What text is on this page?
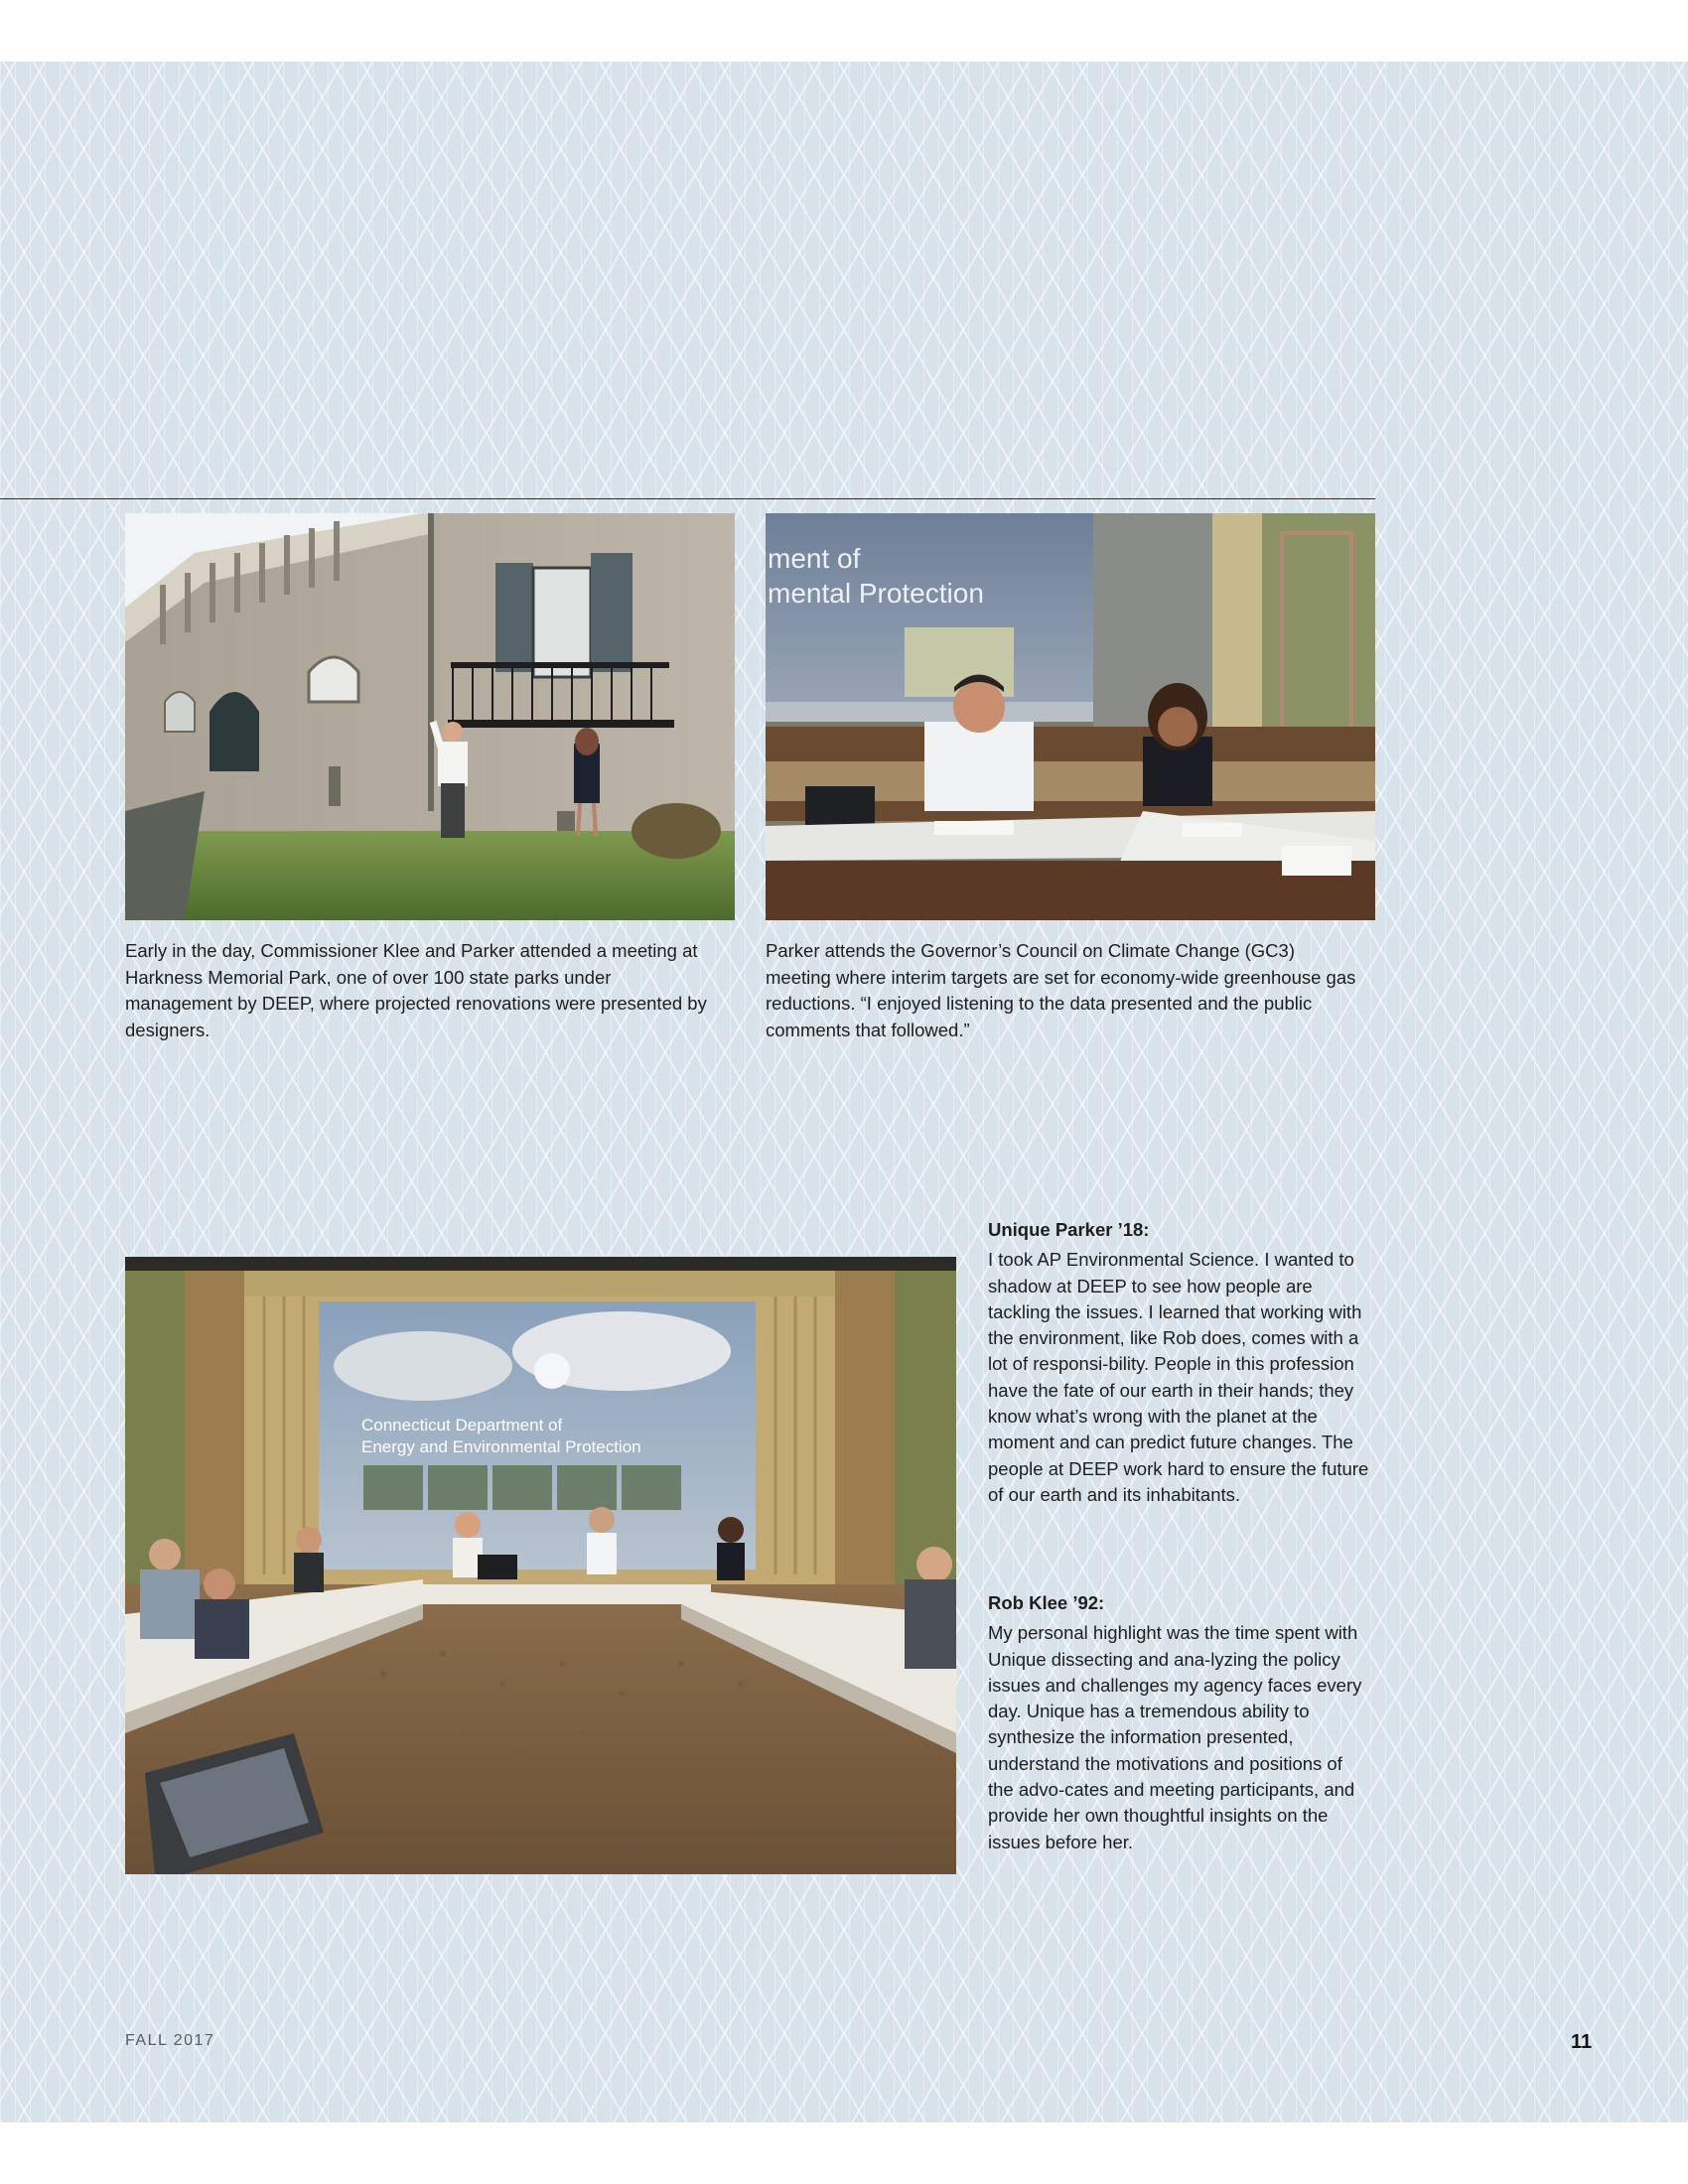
ment of
mental Protection

Early in the day, Commissioner Klee and Parker attended a meeting at Harkness Memorial Park, one of over 100 state parks under management by DEEP, where projected renovations were presented by designers.

Parker attends the Governor’s Council on Climate Change (GC3) meeting where interim targets are set for economy-wide greenhouse gas reductions. “I enjoyed listening to the data presented and the public comments that followed.”

Connecticut Department of
Energy and Environmental Protection

Unique Parker ’18:

I took AP Environmental Science. I wanted to shadow at DEEP to see how people are tackling the issues. I learned that working with the environment, like Rob does, comes with a lot of responsi-bility. People in this profession have the fate of our earth in their hands; they know what’s wrong with the planet at the moment and can predict future changes. The people at DEEP work hard to ensure the future of our earth and its inhabitants.

Rob Klee ’92:

My personal highlight was the time spent with Unique dissecting and ana-lyzing the policy issues and challenges my agency faces every day. Unique has a tremendous ability to synthesize the information presented, understand the motivations and positions of the advo-cates and meeting participants, and provide her own thoughtful insights on the issues before her.

FALL 2017	11
